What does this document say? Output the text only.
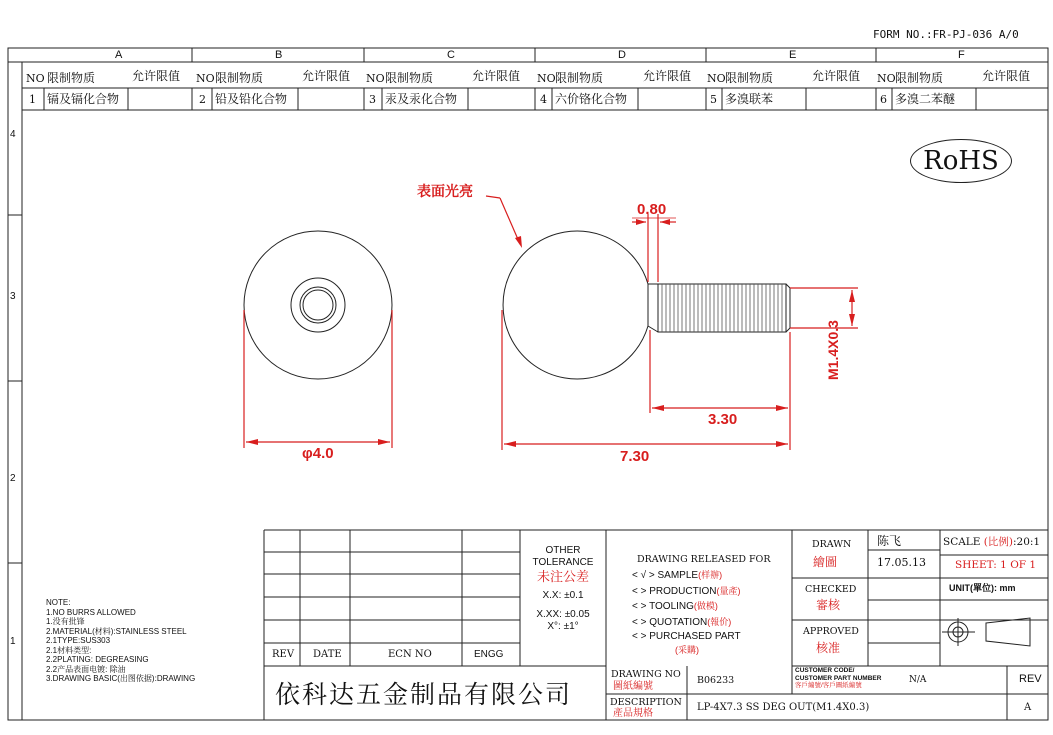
FORM NO.:FR-PJ-036 A/0
A	B	C	D	E	F
4
3
2
1
NO 限制物质	允许限值 NO 限制物质	允许限值 NO 限制物质	允许限值 NO 限制物质	允许限值 NO 限制物质	允许限值 NO 限制物质	允许限值
1 镉及镉化合物	2 铅及铅化合物	3 汞及汞化合物	4 六价铬化合物	5 多溴联苯	6 多溴二苯醚
RoHS
表面光亮
0.80
3.30
7.30
φ4.0
M1.4X0.3
NOTE:
1.NO BURRS ALLOWED
1.没有批锋
2.MATERIAL(材料):STAINLESS STEEL
2.1TYPE:SUS303
2.1材料类型:
2.2PLATING: DEGREASING
2.2产品表面电镀: 除油
3.DRAWING BASIC(出图依据):DRAWING
REV DATE	ECN NO	ENGG
OTHER
TOLERANCE
未注公差
X.X: ±0.1
X.XX: ±0.05
X°: ±1°
DRAWING RELEASED FOR
< √ > SAMPLE(样辦)
< > PRODUCTION(量產)
< > TOOLING(做模)
< > QUOTATION(報价)
< > PURCHASED PART
(采購)
DRAWN
繪圖
陈飞
17.05.13
CHECKED
審核
APPROVED
核准
SCALE (比例):20:1
SHEET: 1 OF 1
UNIT(單位): mm
依科达五金制品有限公司
DRAWING NO
圖紙編號
B06233
CUSTOMER CODE/
CUSTOMER PART NUMBER
客戶編號/客戶圖紙編號
N/A	REV
A
DESCRIPTION
產品規格
LP-4X7.3 SS DEG OUT(M1.4X0.3)
